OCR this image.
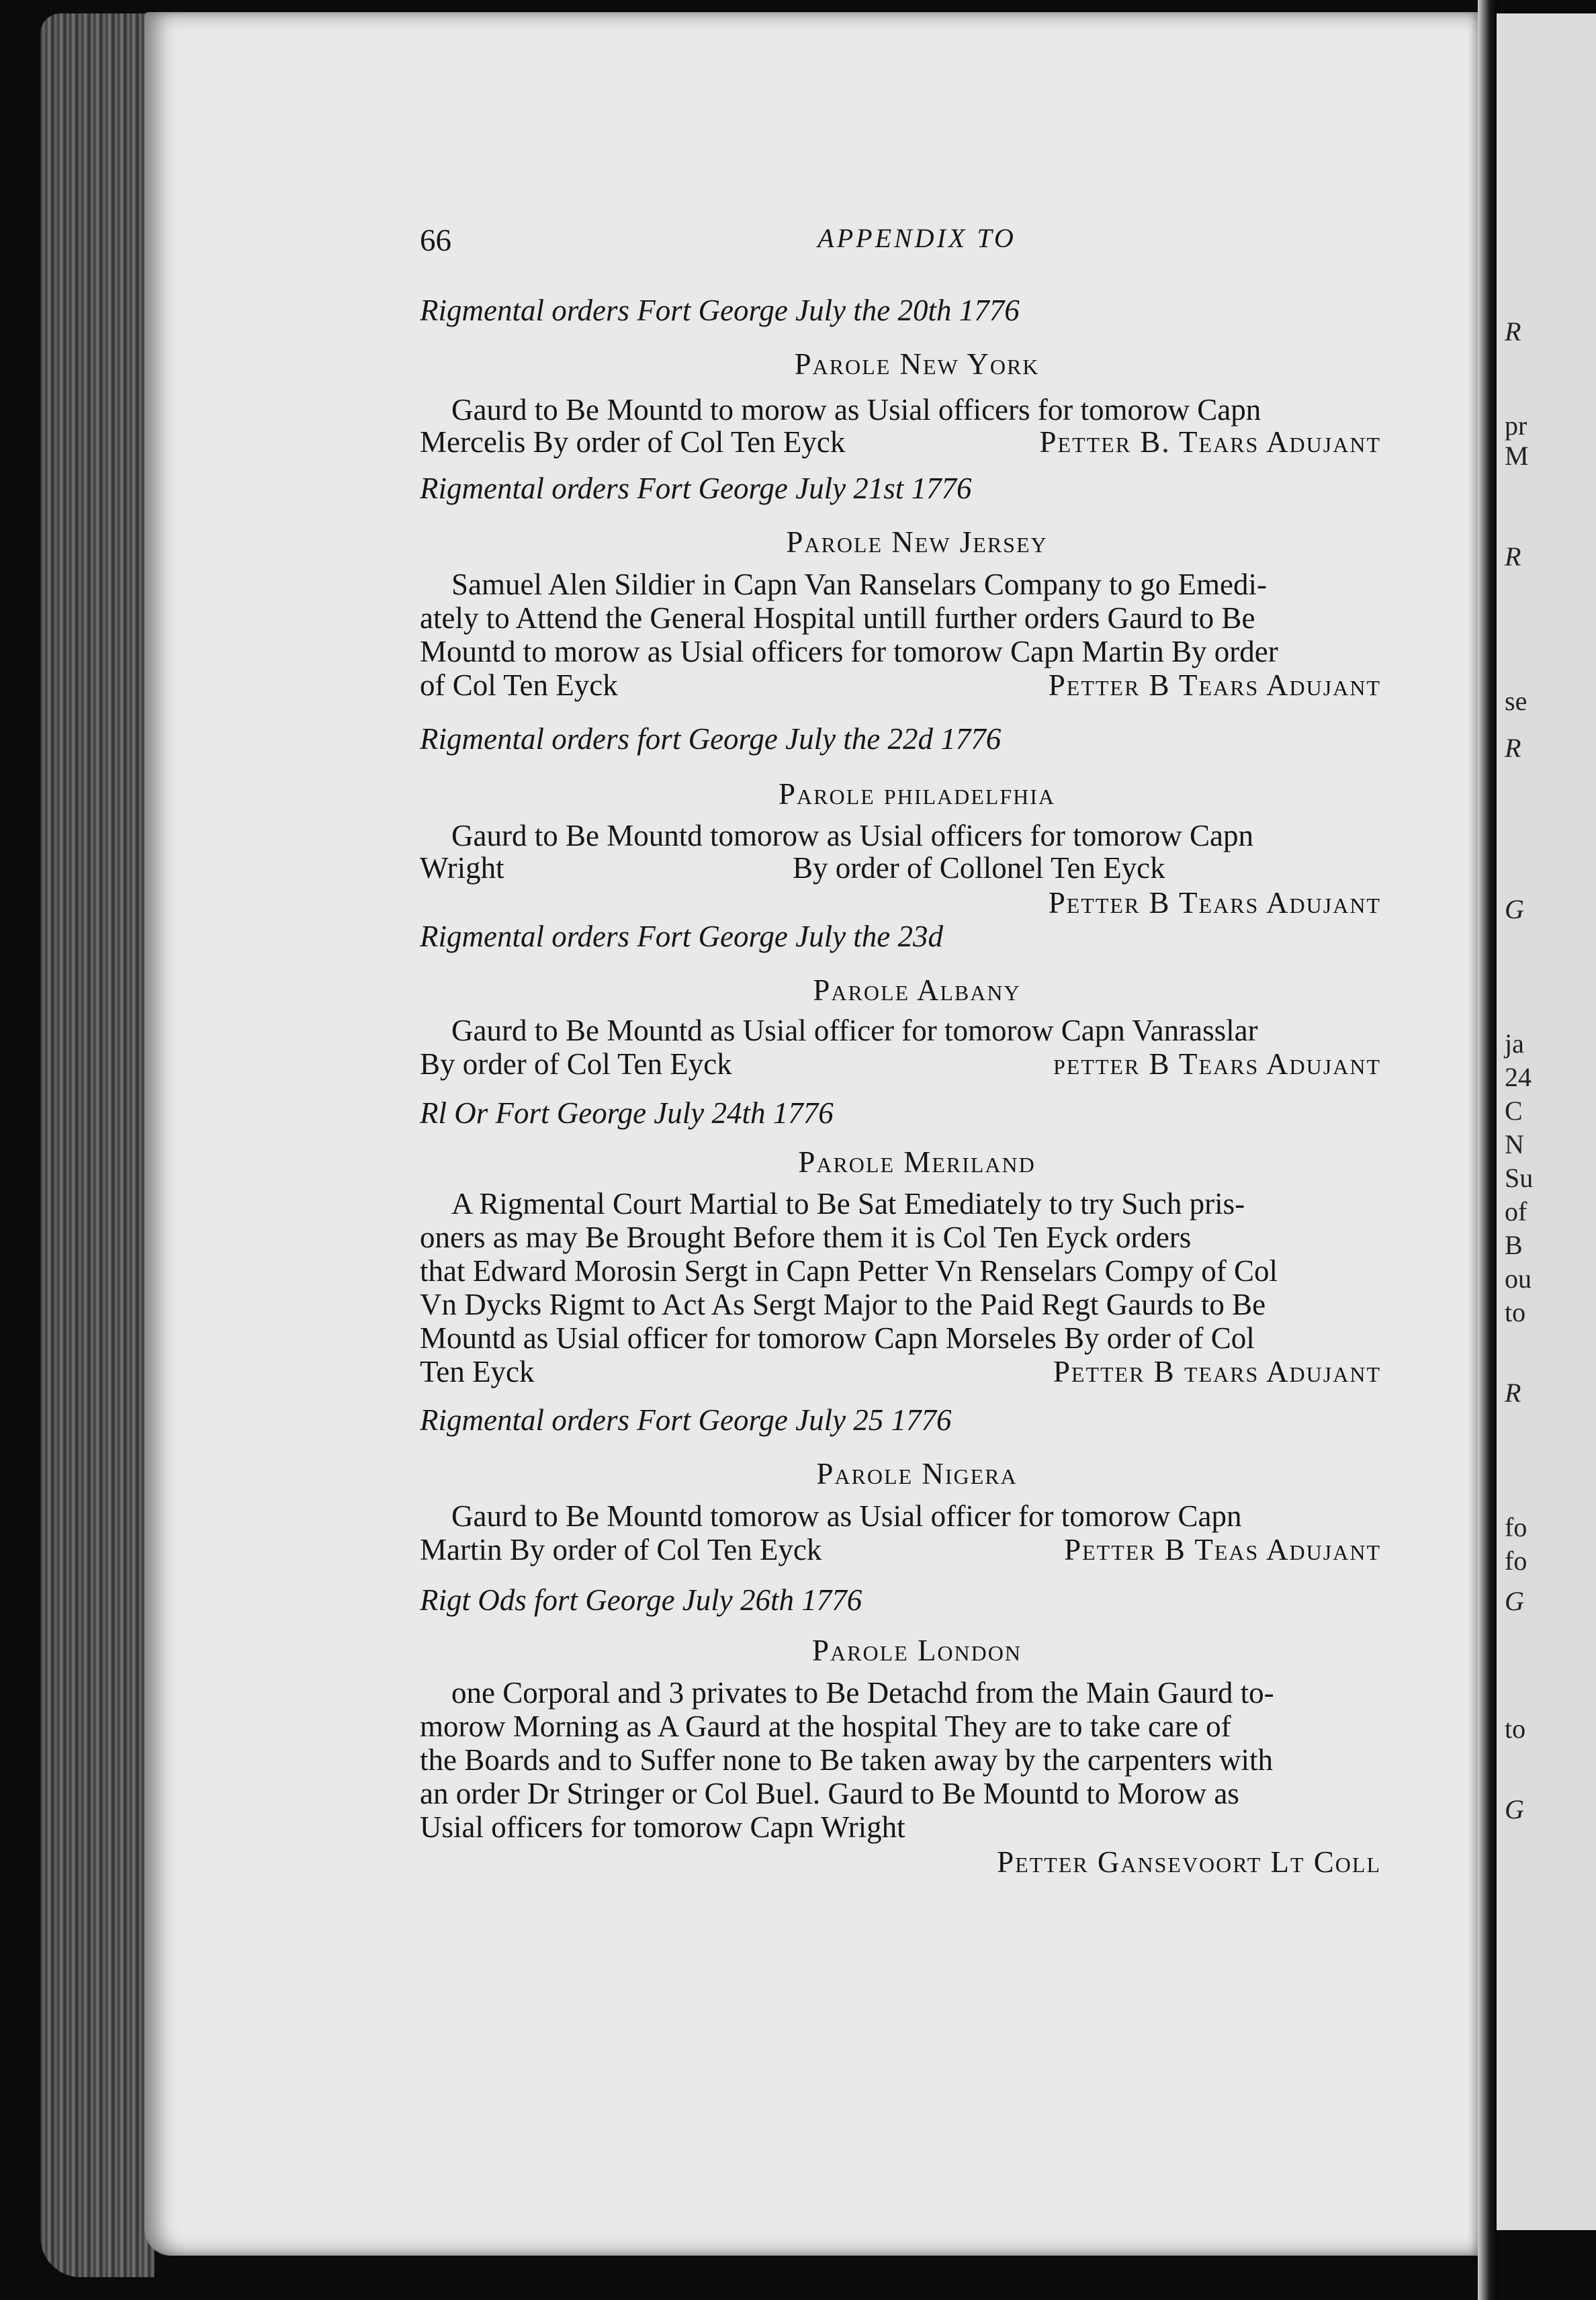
R
pr
M
R
se
R
G
ja
24
C
N
Su
of
B
ou
to
R
fo
fo
G
to
G
66	APPENDIX TO
Rigmental orders Fort George July the 20th 1776
Parole New York
Gaurd to Be Mountd to morow as Usial officers for tomorow Capn
Mercelis By order of Col Ten Eyck	Petter B. Tears Adujant
Rigmental orders Fort George July 21st 1776
Parole New Jersey
Samuel Alen Sildier in Capn Van Ranselars Company to go Emedi-
ately to Attend the General Hospital untill further orders Gaurd to Be
Mountd to morow as Usial officers for tomorow Capn Martin By order
of Col Ten Eyck	Petter B Tears Adujant
Rigmental orders fort George July the 22d 1776
Parole philadelfhia
Gaurd to Be Mountd tomorow as Usial officers for tomorow Capn
Wright	By order of Collonel Ten Eyck
Petter B Tears Adujant
Rigmental orders Fort George July the 23d
Parole Albany
Gaurd to Be Mountd as Usial officer for tomorow Capn Vanrasslar
By order of Col Ten Eyck	petter B Tears Adujant
Rl Or Fort George July 24th 1776
Parole Meriland
A Rigmental Court Martial to Be Sat Emediately to try Such pris-
oners as may Be Brought Before them it is Col Ten Eyck orders
that Edward Morosin Sergt in Capn Petter Vn Renselars Compy of Col
Vn Dycks Rigmt to Act As Sergt Major to the Paid Regt Gaurds to Be
Mountd as Usial officer for tomorow Capn Morseles By order of Col
Ten Eyck	Petter B tears Adujant
Rigmental orders Fort George July 25 1776
Parole Nigera
Gaurd to Be Mountd tomorow as Usial officer for tomorow Capn
Martin By order of Col Ten Eyck	Petter B Teas Adujant
Rigt Ods fort George July 26th 1776
Parole London
one Corporal and 3 privates to Be Detachd from the Main Gaurd to-
morow Morning as A Gaurd at the hospital They are to take care of
the Boards and to Suffer none to Be taken away by the carpenters with
an order Dr Stringer or Col Buel. Gaurd to Be Mountd to Morow as
Usial officers for tomorow Capn Wright
Petter Gansevoort Lt Coll
